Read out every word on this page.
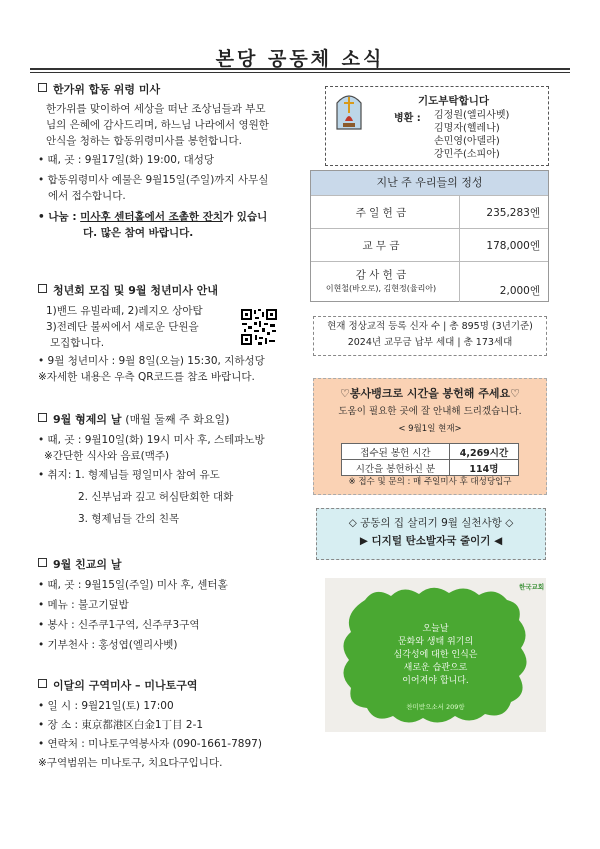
본당 공동체 소식

한가위 합동 위령 미사

한가위를 맞이하여 세상을 떠난 조상님들과 부모

님의 은혜에 감사드리며, 하느님 나라에서 영원한

안식을 청하는 합동위령미사를 봉헌합니다.

• 때, 곳 : 9월17일(화) 19:00, 대성당

• 합동위령미사 예물은 9월15일(주일)까지 사무실

에서 접수합니다.

• 나눔 : 미사후 센터홀에서 조촐한 잔치가 있습니

다. 많은 참여 바랍니다.

청년회 모집 및 9월 청년미사 안내

1)밴드 유빌라떼, 2)레지오 상아탑

3)전례단 불씨에서 새로운 단원을

모집합니다.

• 9월 청년미사 : 9월 8일(오늘) 15:30, 지하성당

※자세한 내용은 우측 QR코드를 참조 바랍니다.

9월 형제의 날 (매월 둘째 주 화요일)

• 때, 곳 : 9월10일(화) 19시 미사 후, 스테파노방

※간단한 식사와 음료(맥주)

• 취지: 1. 형제님들 평일미사 참여 유도

2. 신부님과 깊고 허심탄회한 대화

3. 형제님들 간의 친목

9월 친교의 날

• 때, 곳 : 9월15일(주일) 미사 후, 센터홀

• 메뉴 : 불고기덮밥

• 봉사 : 신주쿠1구역, 신주쿠3구역

• 기부천사 : 홍성엽(엘리사벳)

이달의 구역미사 – 미나토구역

• 일 시 : 9월21일(토) 17:00

• 장 소 : 東京都港区白金1丁目 2-1

• 연락처 : 미나토구역봉사자 (090-1661-7897)

※구역범위는 미나토구, 치요다구입니다.

기도부탁합니다
병환 : 김정원(엘리사벳)
김명자(헬레나)
손민영(아델라)
강민주(소피아)
지난 주 우리들의 정성
주 일 헌 금	235,283엔
교 무 금	178,000엔
감 사 헌 금
이현철(바오로), 김현정(율리아)	2,000엔
현재 정상교적 등록 신자 수 | 총 895명 (3년기준)
2024년 교무금 납부 세대 | 총 173세대
♡봉사뱅크로 시간을 봉헌해 주세요♡
도움이 필요한 곳에 잘 안내해 드리겠습니다.
< 9월1일 현재>
접수된 봉헌 시간	4,269시간
시간을 봉헌하신 분	114명
※ 접수 및 문의 : 매 주일미사 후 대성당입구
◇ 공동의 집 살리기 9월 실천사항 ◇
▶ 디지털 탄소발자국 줄이기 ◀
한국교회
오늘날
문화와 생태 위기의
심각성에 대한 인식은
새로운 습관으로
이어져야 합니다.
찬미받으소서 209항
